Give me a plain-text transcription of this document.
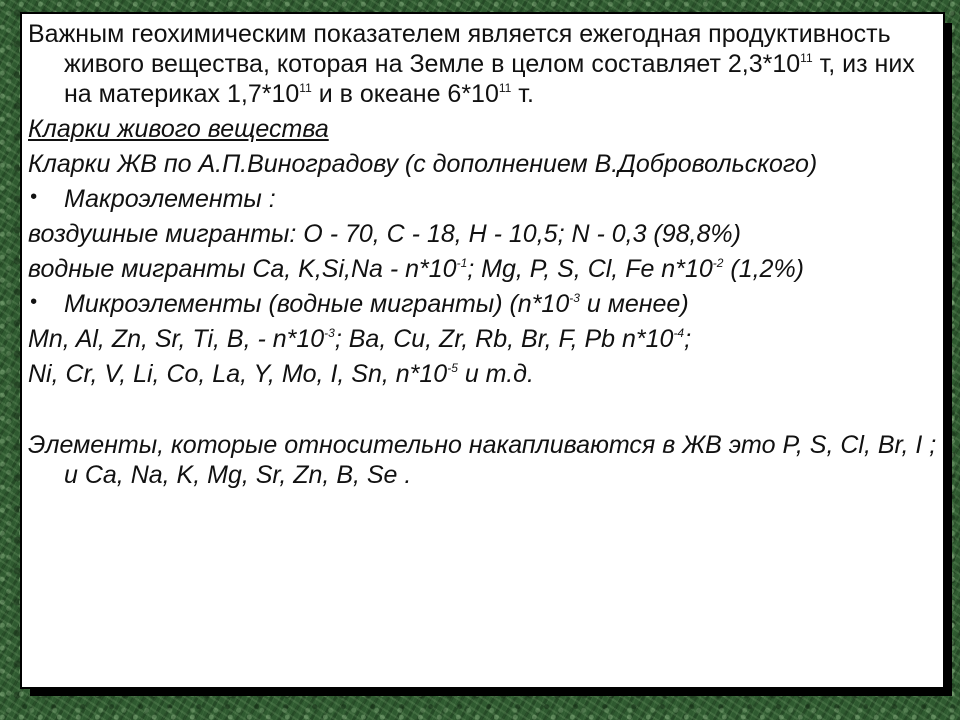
Важным геохимическим показателем является ежегодная продуктивность живого вещества, которая на Земле в целом составляет $2,3*10^{11}$ т, из них на материках $1,7*10^{11}$ и в океане $6*10^{11}$ т.

Кларки живого вещества

Кларки ЖВ по А.П.Виноградову (с дополнением В.Добровольского)

• Макроэлементы :

воздушные мигранты: O - 70, C - 18, H - 10,5; N - 0,3 (98,8%)

водные мигранты Ca, $K,Si,Na - n*10^{-1}$; Mg, P, S, Cl, Fe $n*10^{-2}$ (1,2%)

• Микроэлементы (водные мигранты) ($n*10^{-3}$ и менее)

Mn, Al, Zn, Sr, Ti, B, - $n*10^{-3}$; Ba, Cu, Zr, Rb, Br, F, Pb $n*10^{-4}$;

Ni, Cr, V, Li, Co, La, Y, Mo, I, Sn, $n*10^{-5}$ и т.д.

Элементы, которые относительно накапливаются в ЖВ это P, S, Cl, Br, I ; и Ca, Na, K, Mg, Sr, Zn, B, Se .
